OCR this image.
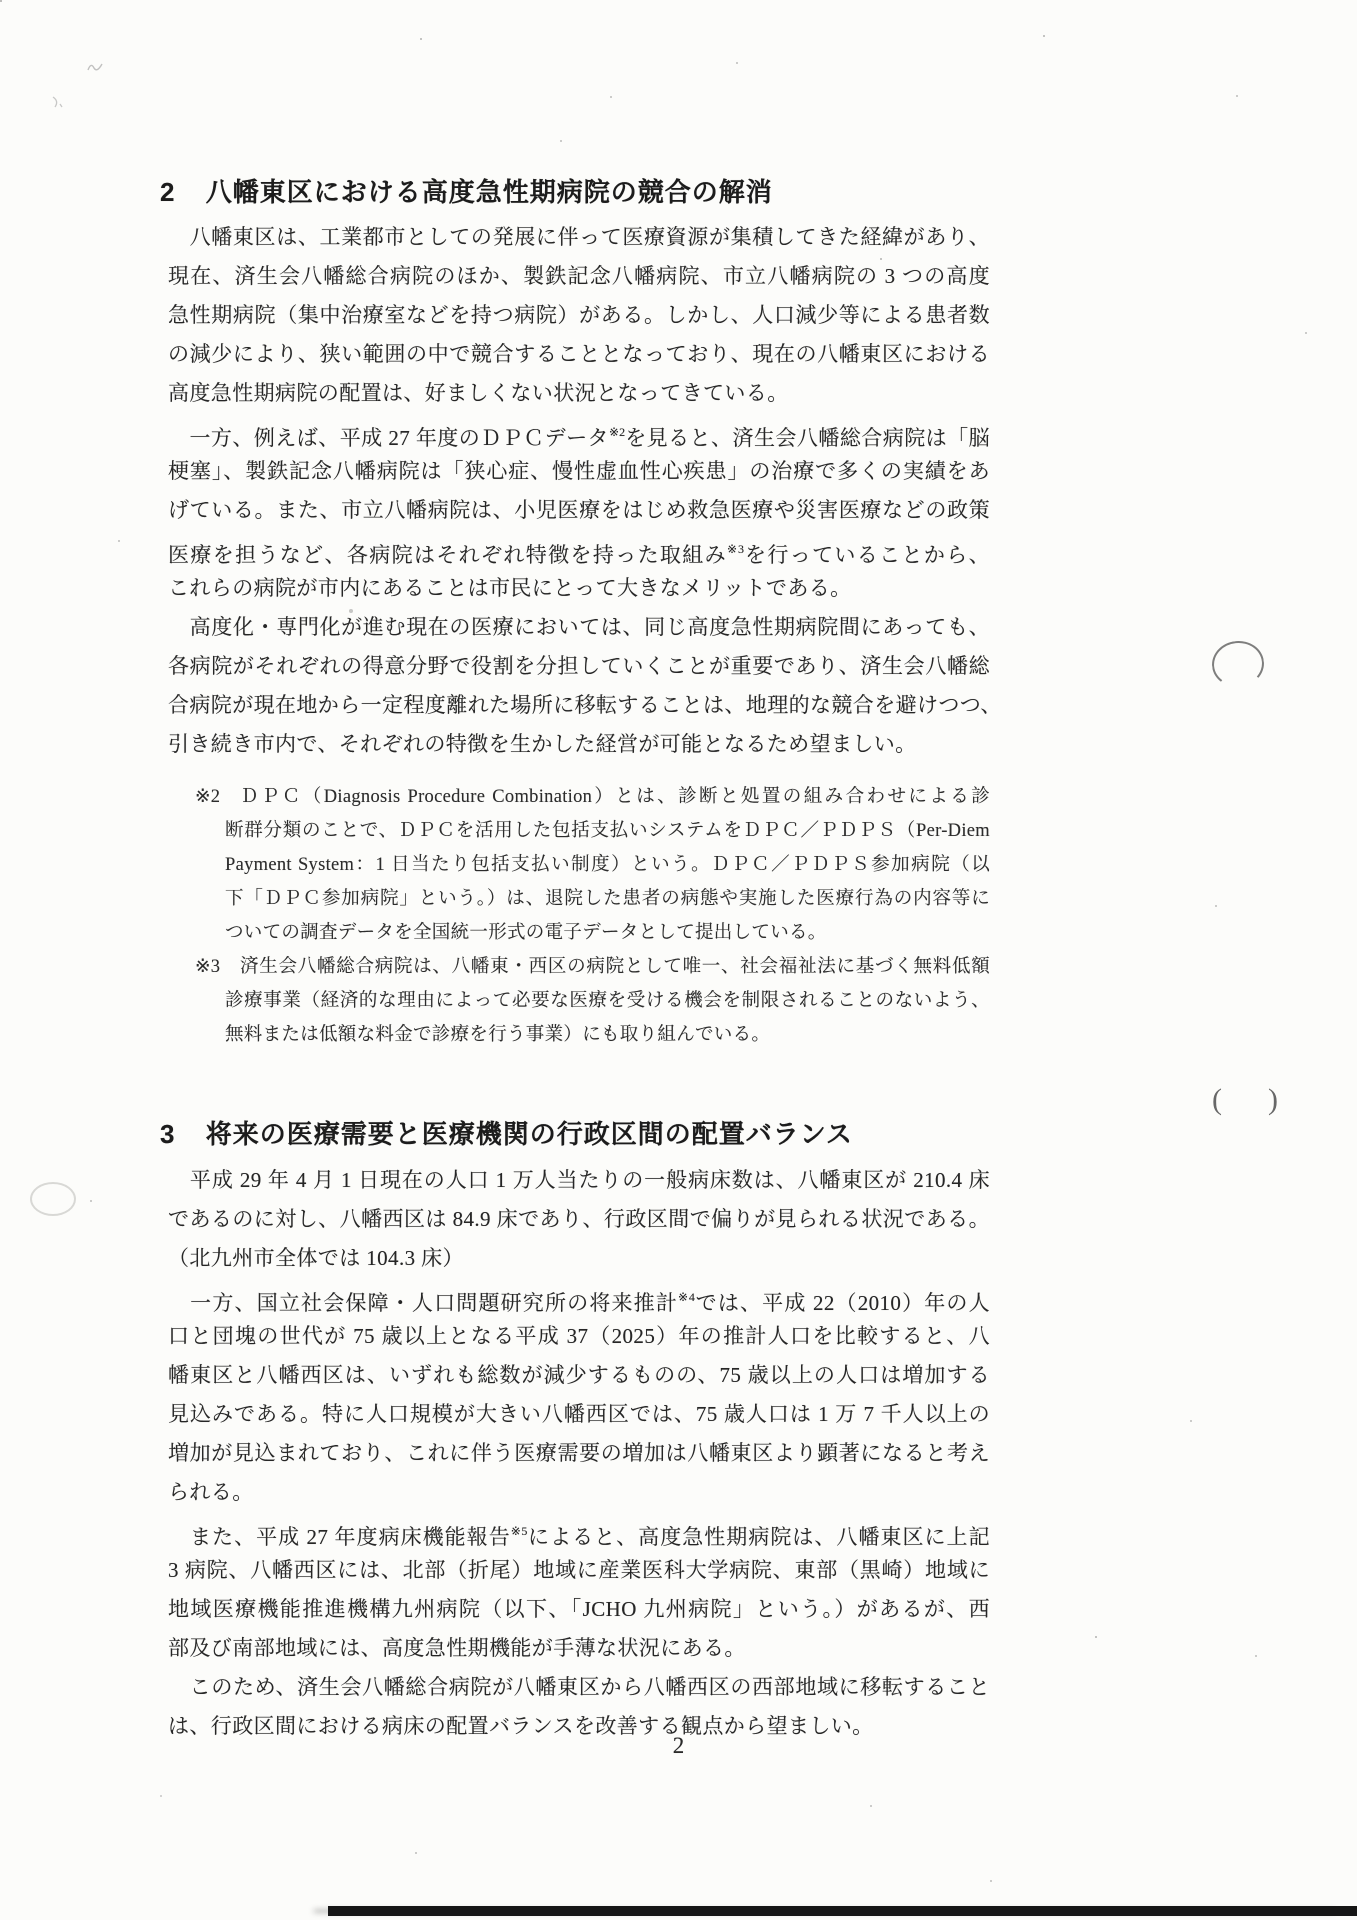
2 八幡東区における高度急性期病院の競合の解消
　八幡東区は、工業都市としての発展に伴って医療資源が集積してきた経緯があり、
現在、済生会八幡総合病院のほか、製鉄記念八幡病院、市立八幡病院の 3 つの高度
急性期病院（集中治療室などを持つ病院）がある。しかし、人口減少等による患者数
の減少により、狭い範囲の中で競合することとなっており、現在の八幡東区における
高度急性期病院の配置は、好ましくない状況となってきている。
　一方、例えば、平成 27 年度のＤＰＣデータ$^{※2}$を見ると、済生会八幡総合病院は「脳
梗塞」、製鉄記念八幡病院は「狭心症、慢性虚血性心疾患」の治療で多くの実績をあ
げている。また、市立八幡病院は、小児医療をはじめ救急医療や災害医療などの政策
医療を担うなど、各病院はそれぞれ特徴を持った取組み$^{※3}$を行っていることから、
これらの病院が市内にあることは市民にとって大きなメリットである。
　高度化・専門化が進む現在の医療においては、同じ高度急性期病院間にあっても、
各病院がそれぞれの得意分野で役割を分担していくことが重要であり、済生会八幡総
合病院が現在地から一定程度離れた場所に移転することは、地理的な競合を避けつつ、
引き続き市内で、それぞれの特徴を生かした経営が可能となるため望ましい。
※2 ＤＰＣ（Diagnosis Procedure Combination）とは、診断と処置の組み合わせによる診
断群分類のことで、ＤＰＣを活用した包括支払いシステムをＤＰＣ／ＰＤＰＳ（Per-Diem
Payment System：1 日当たり包括支払い制度）という。ＤＰＣ／ＰＤＰＳ参加病院（以
下「ＤＰＣ参加病院」という。）は、退院した患者の病態や実施した医療行為の内容等に
ついての調査データを全国統一形式の電子データとして提出している。
※3 済生会八幡総合病院は、八幡東・西区の病院として唯一、社会福祉法に基づく無料低額
診療事業（経済的な理由によって必要な医療を受ける機会を制限されることのないよう、
無料または低額な料金で診療を行う事業）にも取り組んでいる。
3 将来の医療需要と医療機関の行政区間の配置バランス
　平成 29 年 4 月 1 日現在の人口 1 万人当たりの一般病床数は、八幡東区が 210.4 床
であるのに対し、八幡西区は 84.9 床であり、行政区間で偏りが見られる状況である。
（北九州市全体では 104.3 床）
　一方、国立社会保障・人口問題研究所の将来推計$^{※4}$では、平成 22（2010）年の人
口と団塊の世代が 75 歳以上となる平成 37（2025）年の推計人口を比較すると、八
幡東区と八幡西区は、いずれも総数が減少するものの、75 歳以上の人口は増加する
見込みである。特に人口規模が大きい八幡西区では、75 歳人口は 1 万 7 千人以上の
増加が見込まれており、これに伴う医療需要の増加は八幡東区より顕著になると考え
られる。
　また、平成 27 年度病床機能報告$^{※5}$によると、高度急性期病院は、八幡東区に上記
3 病院、八幡西区には、北部（折尾）地域に産業医科大学病院、東部（黒崎）地域に
地域医療機能推進機構九州病院（以下、「JCHO 九州病院」という。）があるが、西
部及び南部地域には、高度急性期機能が手薄な状況にある。
　このため、済生会八幡総合病院が八幡東区から八幡西区の西部地域に移転すること
は、行政区間における病床の配置バランスを改善する観点から望ましい。
(　)
2
